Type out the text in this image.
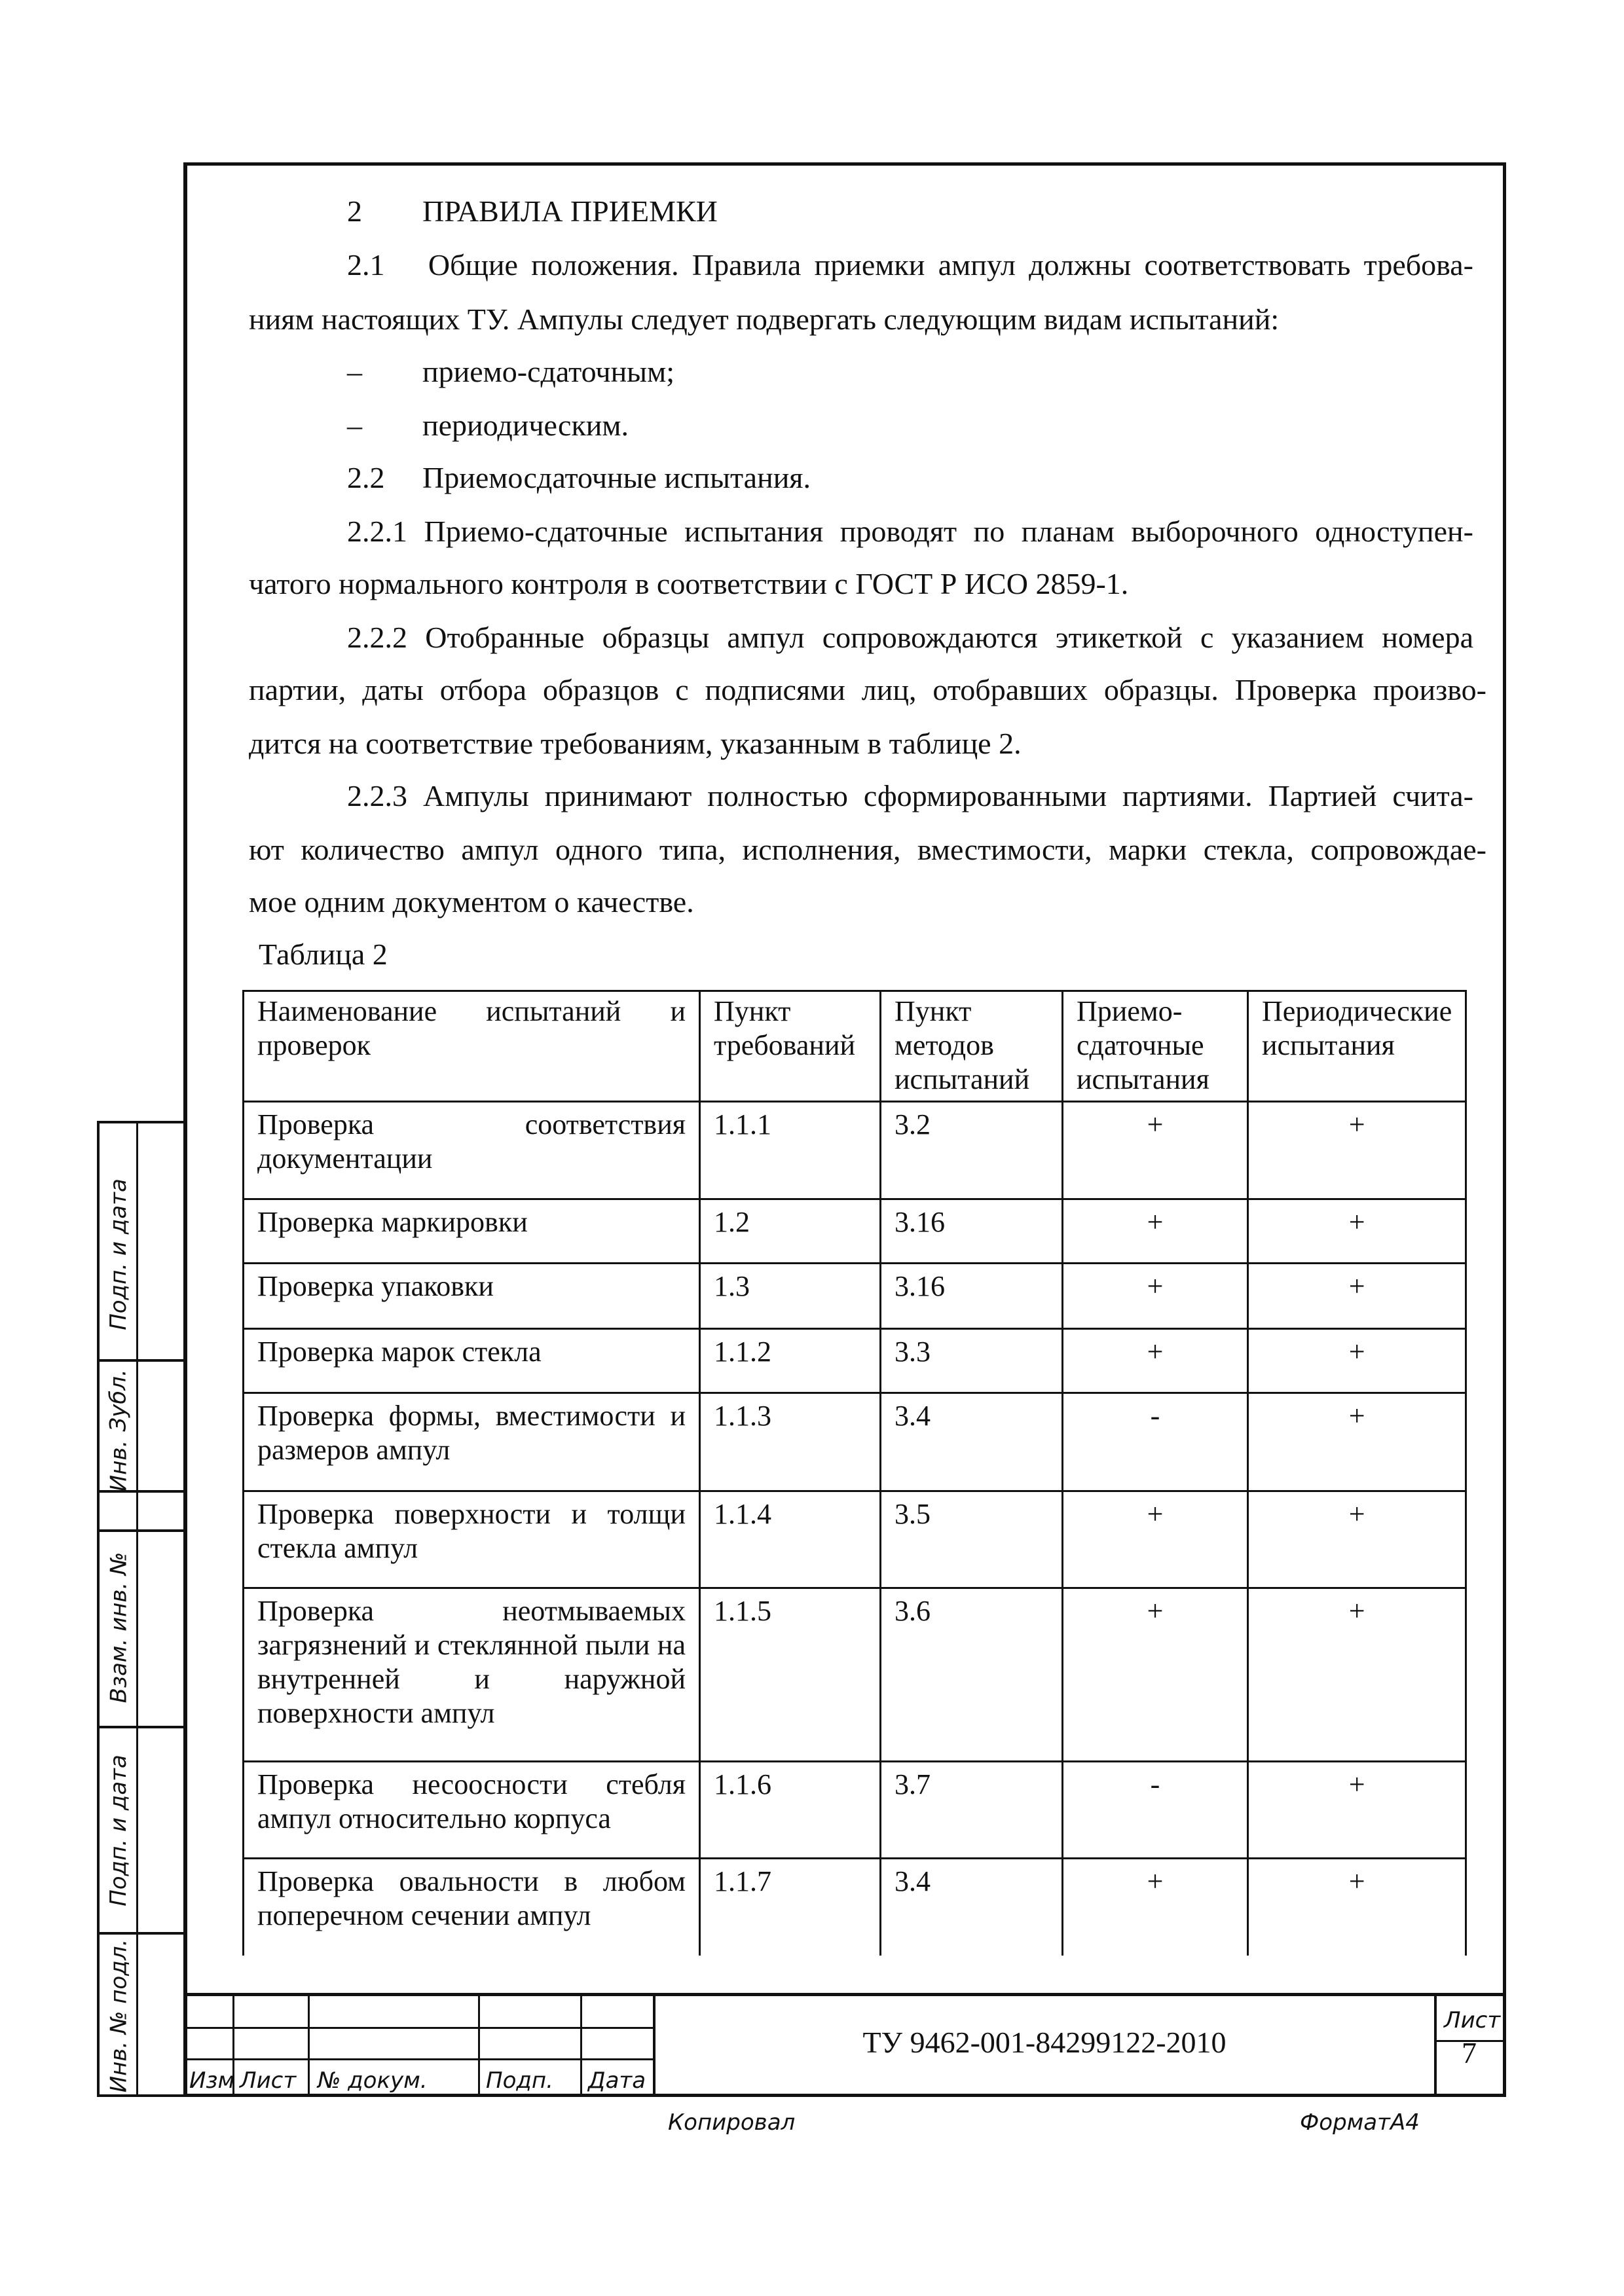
2  ПРАВИЛА ПРИЕМКИ

2.1  Общие положения. Правила приемки ампул должны соответствовать требова-

ниям настоящих ТУ. Ампулы следует подвергать следующим видам испытаний:

–  приемо-сдаточным;

–  периодическим.

2.2  Приемосдаточные испытания.

2.2.1 Приемо-сдаточные испытания проводят по планам выборочного одноступен-

чатого нормального контроля в соответствии с ГОСТ Р ИСО 2859-1.

2.2.2 Отобранные образцы ампул сопровождаются этикеткой с указанием номера

партии, даты отбора образцов с подписями лиц, отобравших образцы. Проверка произво-

дится на соответствие требованиям, указанным в таблице 2.

2.2.3 Ампулы принимают полностью сформированными партиями. Партией счита-

ют количество ампул одного типа, исполнения, вместимости, марки стекла, сопровождае-

мое одним документом о качестве.

Таблица 2

Наименование испытаний и проверок	Пункт требований	Пункт методов испытаний	Приемо-сдаточные испытания	Периодические испытания
Проверка соответствия документации	1.1.1	3.2	+	+
Проверка маркировки	1.2	3.16	+	+
Проверка упаковки	1.3	3.16	+	+
Проверка марок стекла	1.1.2	3.3	+	+
Проверка формы, вместимости и размеров ампул	1.1.3	3.4	-	+
Проверка поверхности и толщи стекла ампул	1.1.4	3.5	+	+
Проверка неотмываемых загрязнений и стеклянной пыли на внутренней и наружной поверхности ампул	1.1.5	3.6	+	+
Проверка несоосности стебля ампул относительно корпуса	1.1.6	3.7	-	+
Проверка овальности в любом поперечном сечении ампул	1.1.7	3.4	+	+
Подп. и дата
Зубл.
Инв.
Взам. инв. №
Подп. и дата
Инв. № подл.	Изм Лист № докум.	Подп. Дата
ТУ 9462-001-84299122-2010
Лист
7
Копировал	ФорматА4
